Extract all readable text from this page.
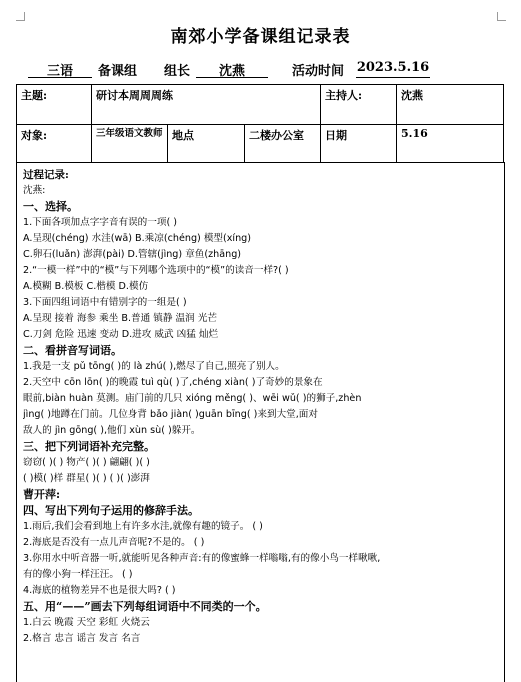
南郊小学备课组记录表
三语	备课组 组长	沈燕	活动时间 2023.5.16
主题:	研讨本周周周练			主持人:	沈燕
对象:	三年级语文教师	地点	二楼办公室	日期	5.16
过程记录:
沈燕:
一、选择。
1.下面各项加点字字音有误的一项( )
A.呈现(chéng) 水洼(wā) B.乘凉(chéng) 模型(xíng)
C.卵石(luǎn) 澎湃(pài) D.管辖(jìng) 章鱼(zhāng)
2.“一模一样”中的“模”与下列哪个选项中的“模”的读音一样?( )
A.模糊 B.模板 C.楷模 D.模仿
3.下面四组词语中有错别字的一组是( )
A.呈现 接着 海参 乘坐 B.普通 镇静 温润 光芒
C.刀剑 危险 迅速 变动 D.进攻 威武 凶猛 灿烂
二、看拼音写词语。
1.我是一支 pǔ tōng( )的 là zhú( ),燃尽了自己,照亮了别人。
2.天空中 cōn lōn( )的晚霞 tuì qù( )了,chéng xiàn( )了奇妙的景象在
眼前,biàn huàn 莫测。庙门前的几只 xióng měng( )、wēi wǔ( )的狮子,zhèn
jìng( )地蹲在门前。几位身背 bǎo jiàn( )guān bīng( )来到大堂,面对
敌人的 jìn gōng( ),他们 xùn sù( )躲开。
三、把下列词语补充完整。
窃窃( )( ) 物产( )( ) 翩翩( )( )
( )模( )样 群星( )( ) ( )( )澎湃
曹开萍:
四、写出下列句子运用的修辞手法。
1.雨后,我们会看到地上有许多水洼,就像有趣的镜子。 ( )
2.海底是否没有一点儿声音呢?不是的。 ( )
3.你用水中听音器一听,就能听见各种声音:有的像蜜蜂一样嗡嗡,有的像小鸟一样啾啾,
有的像小狗一样汪汪。 ( )
4.海底的植物差异不也是很大吗? ( )
五、用“——”画去下列每组词语中不同类的一个。
1.白云 晚霞 天空 彩虹 火烧云
2.格言 忠言 谣言 发言 名言
